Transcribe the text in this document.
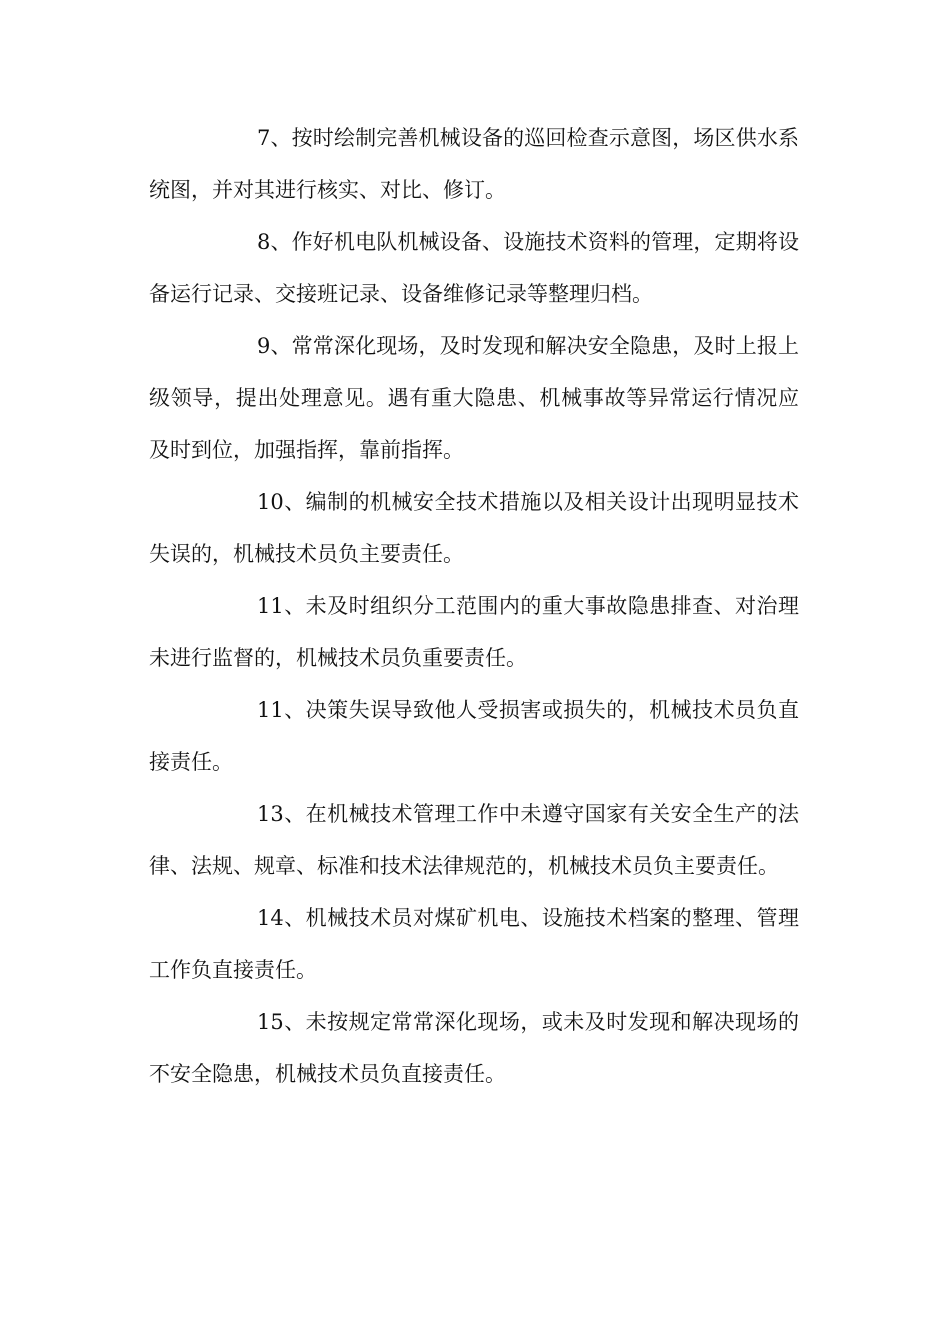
7、按时绘制完善机械设备的巡回检查示意图，场区供水系统图，并对其进行核实、对比、修订。

8、作好机电队机械设备、设施技术资料的管理，定期将设备运行记录、交接班记录、设备维修记录等整理归档。

9、常常深化现场，及时发现和解决安全隐患，及时上报上级领导，提出处理意见。遇有重大隐患、机械事故等异常运行情况应及时到位，加强指挥，靠前指挥。

10、编制的机械安全技术措施以及相关设计出现明显技术失误的，机械技术员负主要责任。

11、未及时组织分工范围内的重大事故隐患排查、对治理未进行监督的，机械技术员负重要责任。

11、决策失误导致他人受损害或损失的，机械技术员负直接责任。

13、在机械技术管理工作中未遵守国家有关安全生产的法律、法规、规章、标准和技术法律规范的，机械技术员负主要责任。

14、机械技术员对煤矿机电、设施技术档案的整理、管理工作负直接责任。

15、未按规定常常深化现场，或未及时发现和解决现场的不安全隐患，机械技术员负直接责任。
